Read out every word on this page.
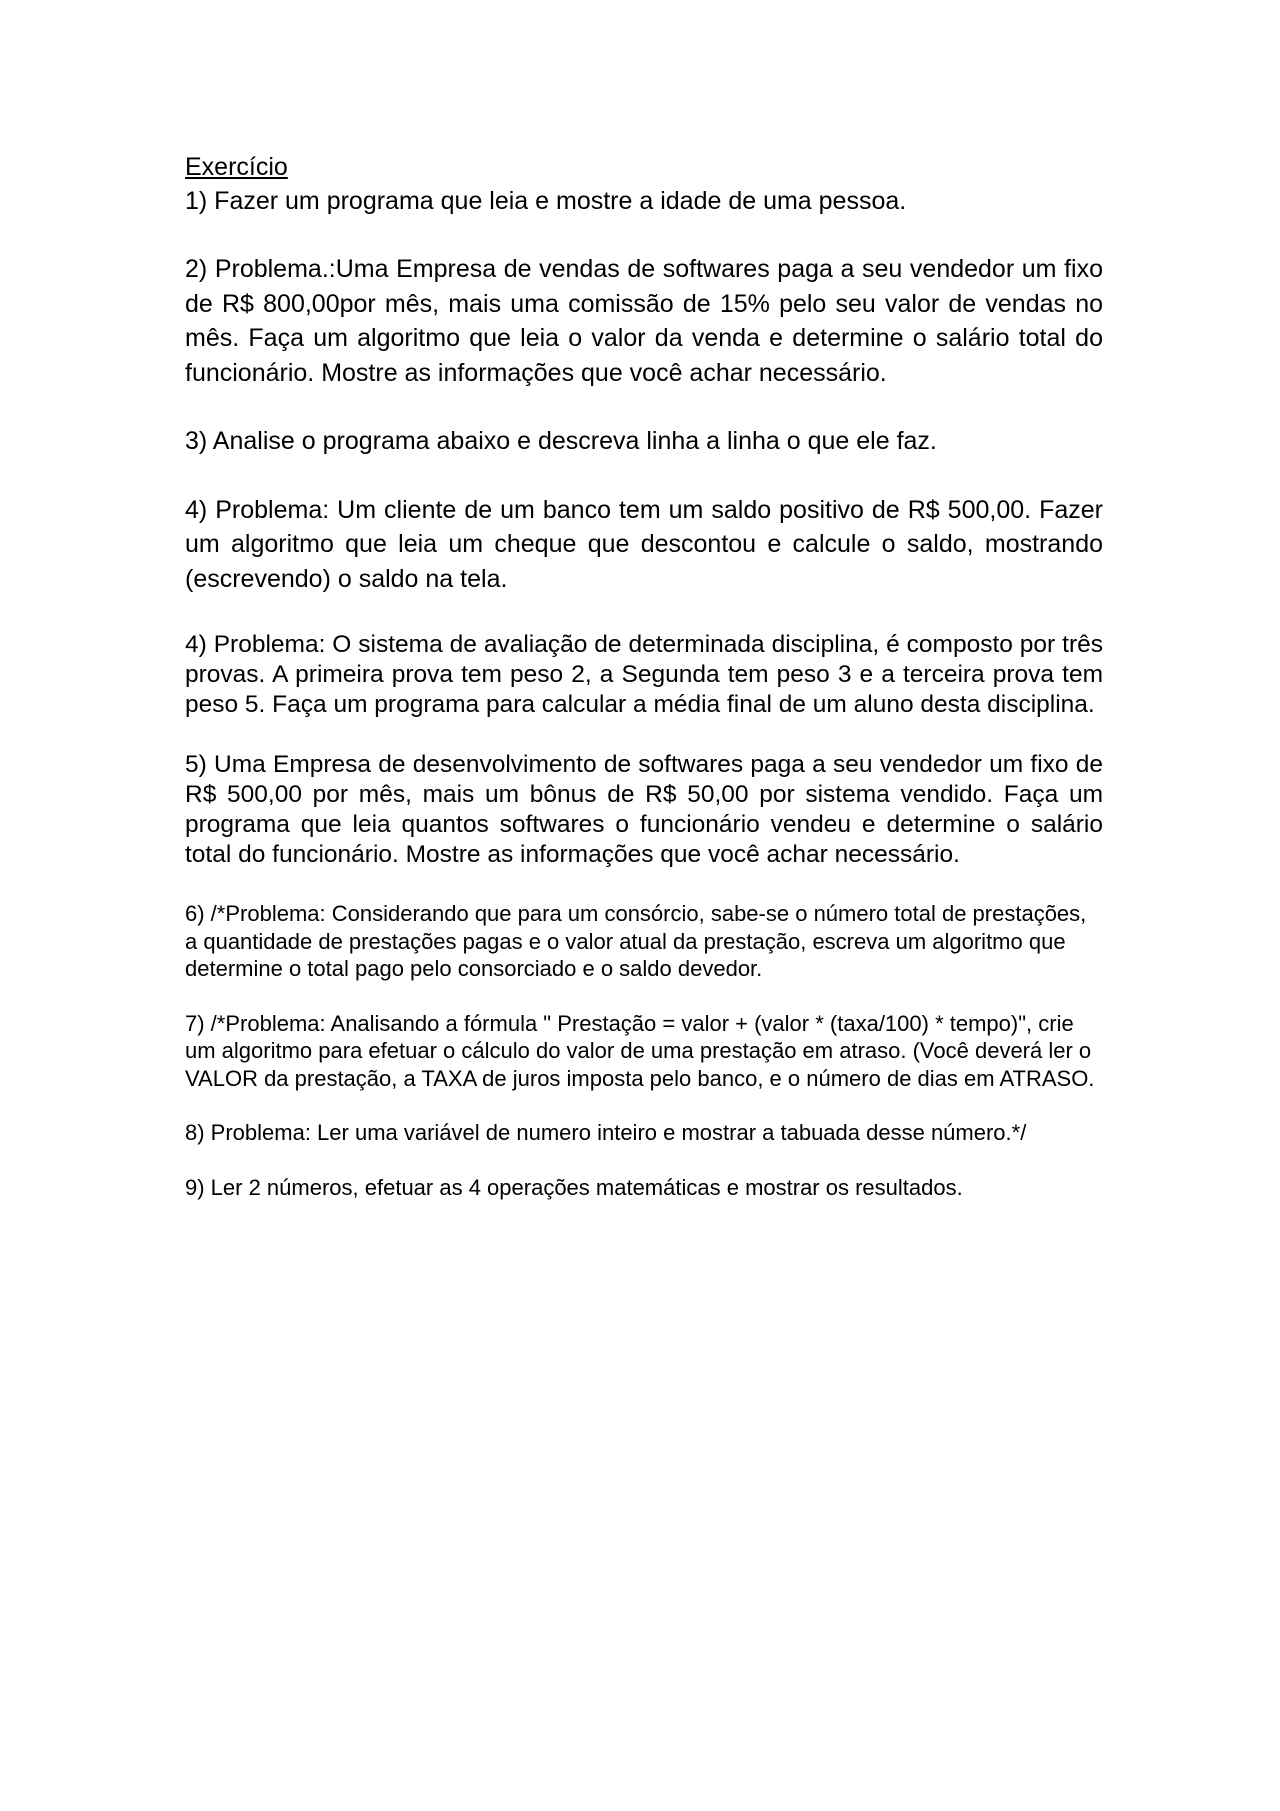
Exercício

1) Fazer um programa que leia e mostre a idade de uma pessoa.

2) Problema.:Uma Empresa de vendas de softwares paga a seu vendedor um fixo de R$ 800,00por mês, mais uma comissão de 15% pelo seu valor de vendas no mês. Faça um algoritmo que leia o valor da venda e determine o salário total do funcionário. Mostre as informações que você achar necessário.

3) Analise o programa abaixo e descreva linha a linha o que ele faz.

4) Problema: Um cliente de um banco tem um saldo positivo de R$ 500,00. Fazer um algoritmo que leia um cheque que descontou e calcule o saldo, mostrando (escrevendo) o saldo na tela.

4) Problema: O sistema de avaliação de determinada disciplina, é composto por três provas. A primeira prova tem peso 2, a Segunda tem peso 3 e a terceira prova tem peso 5. Faça um programa para calcular a média final de um aluno desta disciplina.

5) Uma Empresa de desenvolvimento de softwares paga a seu vendedor um fixo de R$ 500,00 por mês, mais um bônus de R$ 50,00 por sistema vendido. Faça um programa que leia quantos softwares o funcionário vendeu e determine o salário total do funcionário. Mostre as informações que você achar necessário.

6) /*Problema: Considerando que para um consórcio, sabe-se o número total de prestações, a quantidade de prestações pagas e o valor atual da prestação, escreva um algoritmo que determine o total pago pelo consorciado e o saldo devedor.

7) /*Problema: Analisando a fórmula " Prestação = valor + (valor * (taxa/100) * tempo)", crie um algoritmo para efetuar o cálculo do valor de uma prestação em atraso. (Você deverá ler o VALOR da prestação, a TAXA de juros imposta pelo banco, e o número de dias em ATRASO.

8) Problema: Ler uma variável de numero inteiro e mostrar a tabuada desse número.*/

9) Ler 2 números, efetuar as 4 operações matemáticas e mostrar os resultados.
